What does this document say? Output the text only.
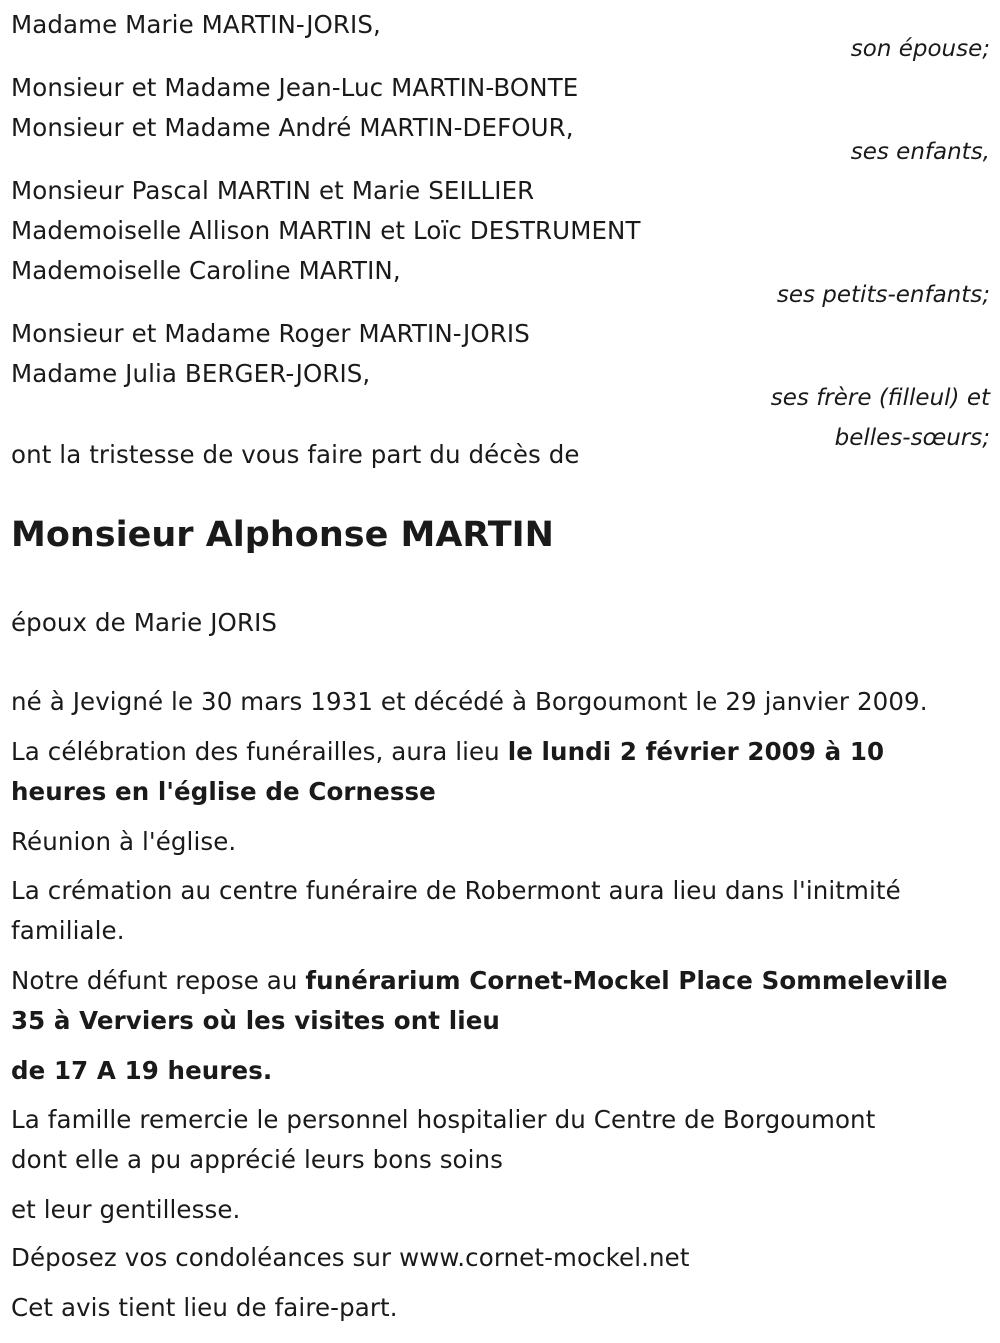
Madame Marie MARTIN-JORIS,
son épouse;
Monsieur et Madame Jean-Luc MARTIN-BONTE
Monsieur et Madame André MARTIN-DEFOUR,
ses enfants,
Monsieur Pascal MARTIN et Marie SEILLIER
Mademoiselle Allison MARTIN et Loïc DESTRUMENT
Mademoiselle Caroline MARTIN,
ses petits-enfants;
Monsieur et Madame Roger MARTIN-JORIS
Madame Julia BERGER-JORIS,
ses frère (filleul) et
belles-sœurs;
ont la tristesse de vous faire part du décès de
Monsieur Alphonse MARTIN
époux de Marie JORIS
né à Jevigné le 30 mars 1931 et décédé à Borgoumont le 29 janvier 2009.
La célébration des funérailles, aura lieu le lundi 2 février 2009 à 10
heures en l'église de Cornesse
Réunion à l'église.
La crémation au centre funéraire de Robermont aura lieu dans l'initmité
familiale.
Notre défunt repose au funérarium Cornet-Mockel Place Sommeleville
35 à Verviers où les visites ont lieu
de 17 A 19 heures.
La famille remercie le personnel hospitalier du Centre de Borgoumont
dont elle a pu apprécié leurs bons soins
et leur gentillesse.
Déposez vos condoléances sur www.cornet-mockel.net
Cet avis tient lieu de faire-part.
